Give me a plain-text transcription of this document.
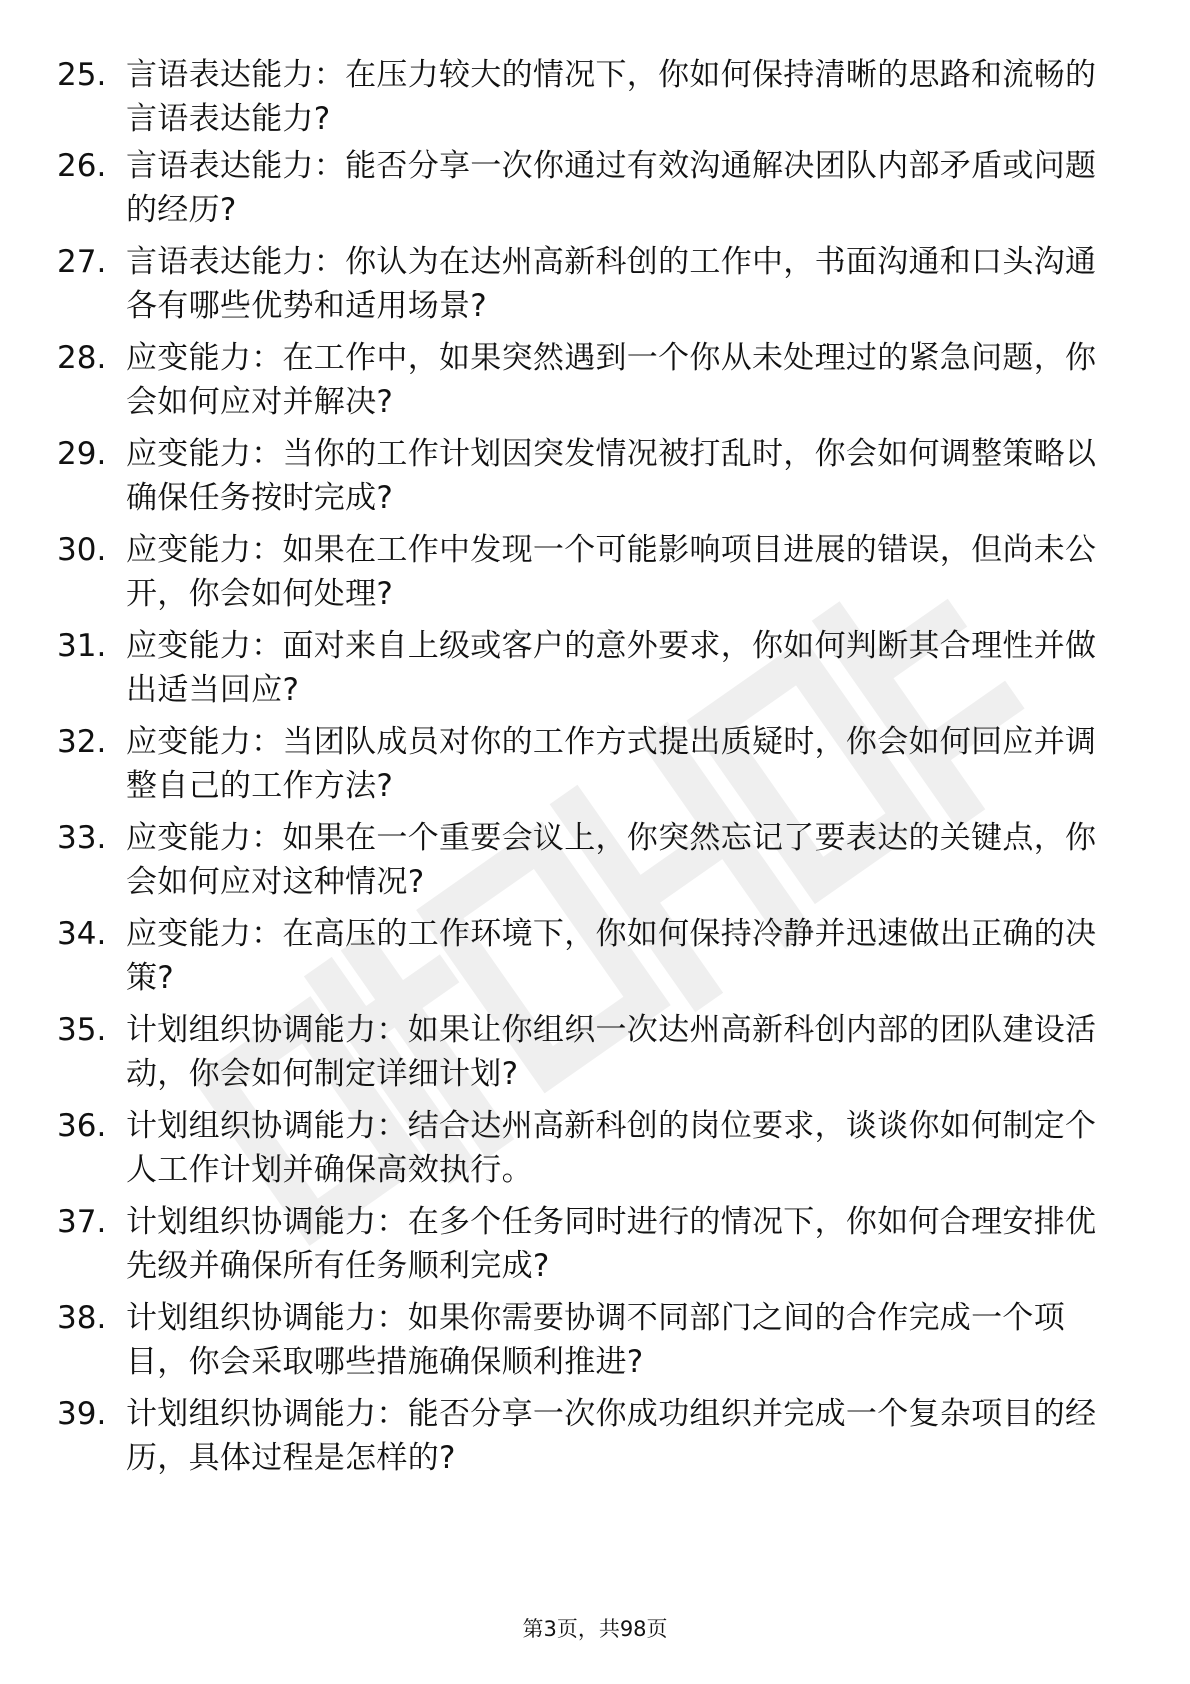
25. 言语表达能力：在压力较大的情况下，你如何保持清晰的思路和流畅的言语表达能力?
26. 言语表达能力：能否分享一次你通过有效沟通解决团队内部矛盾或问题的经历?
27. 言语表达能力：你认为在达州高新科创的工作中，书面沟通和口头沟通各有哪些优势和适用场景?
28. 应变能力：在工作中，如果突然遇到一个你从未处理过的紧急问题，你会如何应对并解决?
29. 应变能力：当你的工作计划因突发情况被打乱时，你会如何调整策略以确保任务按时完成?
30. 应变能力：如果在工作中发现一个可能影响项目进展的错误，但尚未公开，你会如何处理?
31. 应变能力：面对来自上级或客户的意外要求，你如何判断其合理性并做出适当回应?
32. 应变能力：当团队成员对你的工作方式提出质疑时，你会如何回应并调整自己的工作方法?
33. 应变能力：如果在一个重要会议上，你突然忘记了要表达的关键点，你会如何应对这种情况?
34. 应变能力：在高压的工作环境下，你如何保持冷静并迅速做出正确的决策?
35. 计划组织协调能力：如果让你组织一次达州高新科创内部的团队建设活动，你会如何制定详细计划?
36. 计划组织协调能力：结合达州高新科创的岗位要求，谈谈你如何制定个人工作计划并确保高效执行。
37. 计划组织协调能力：在多个任务同时进行的情况下，你如何合理安排优先级并确保所有任务顺利完成?
38. 计划组织协调能力：如果你需要协调不同部门之间的合作完成一个项目，你会采取哪些措施确保顺利推进?
39. 计划组织协调能力：能否分享一次你成功组织并完成一个复杂项目的经历，具体过程是怎样的?
第3页，共98页
